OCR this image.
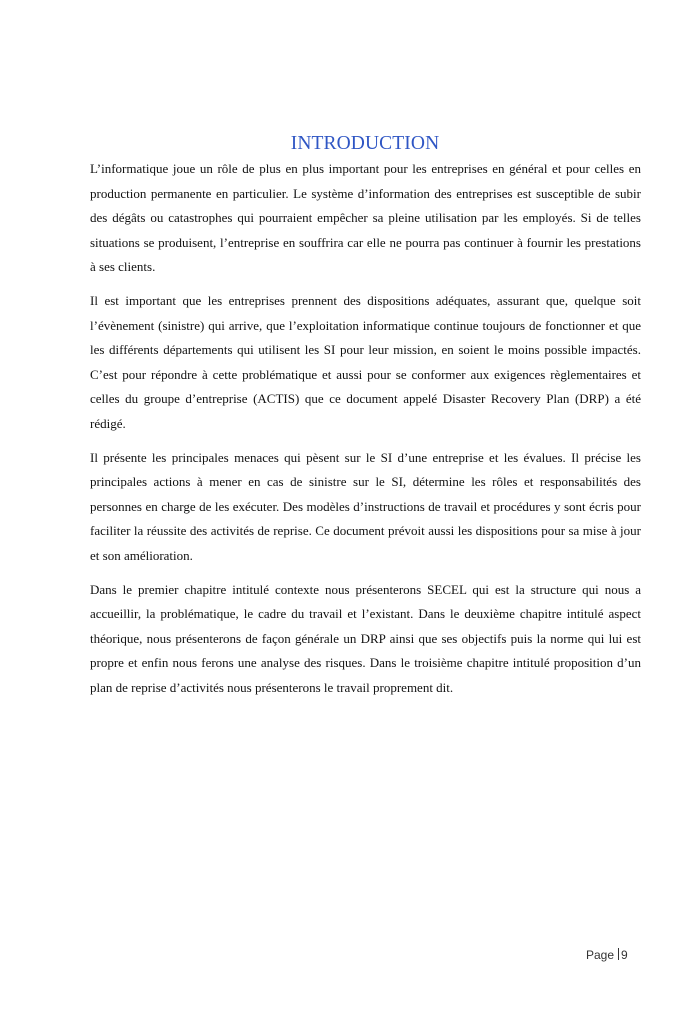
INTRODUCTION

L’informatique joue un rôle de plus en plus important pour les entreprises en général et pour celles en production permanente en particulier. Le système d’information des entreprises est susceptible de subir des dégâts ou catastrophes qui pourraient empêcher sa pleine utilisation par les employés. Si de telles situations se produisent, l’entreprise en souffrira car elle ne pourra pas continuer à fournir les prestations à ses clients.

Il est important que les entreprises prennent des dispositions adéquates, assurant que, quelque soit l’évènement (sinistre) qui arrive, que l’exploitation informatique continue toujours de fonctionner et que les différents départements qui utilisent les SI pour leur mission, en soient le moins possible impactés. C’est pour répondre à cette problématique et aussi pour se conformer aux exigences règlementaires et celles du groupe d’entreprise (ACTIS) que ce document appelé Disaster Recovery Plan (DRP) a été rédigé.

Il présente les principales menaces qui pèsent sur le SI d’une entreprise et les évalues. Il précise les principales actions à mener en cas de sinistre sur le SI, détermine les rôles et responsabilités des personnes en charge de les exécuter. Des modèles d’instructions de travail et procédures y sont écris pour faciliter la réussite des activités de reprise. Ce document prévoit aussi les dispositions pour sa mise à jour et son amélioration.

Dans le premier chapitre intitulé contexte nous présenterons SECEL qui est la structure qui nous a accueillir, la problématique, le cadre du travail et l’existant. Dans le deuxième chapitre intitulé aspect théorique, nous présenterons de façon générale un DRP ainsi que ses objectifs puis la norme qui lui est propre et enfin nous ferons une analyse des risques. Dans le troisième chapitre intitulé proposition d’un plan de reprise d’activités nous présenterons le travail proprement dit.

Page 9
